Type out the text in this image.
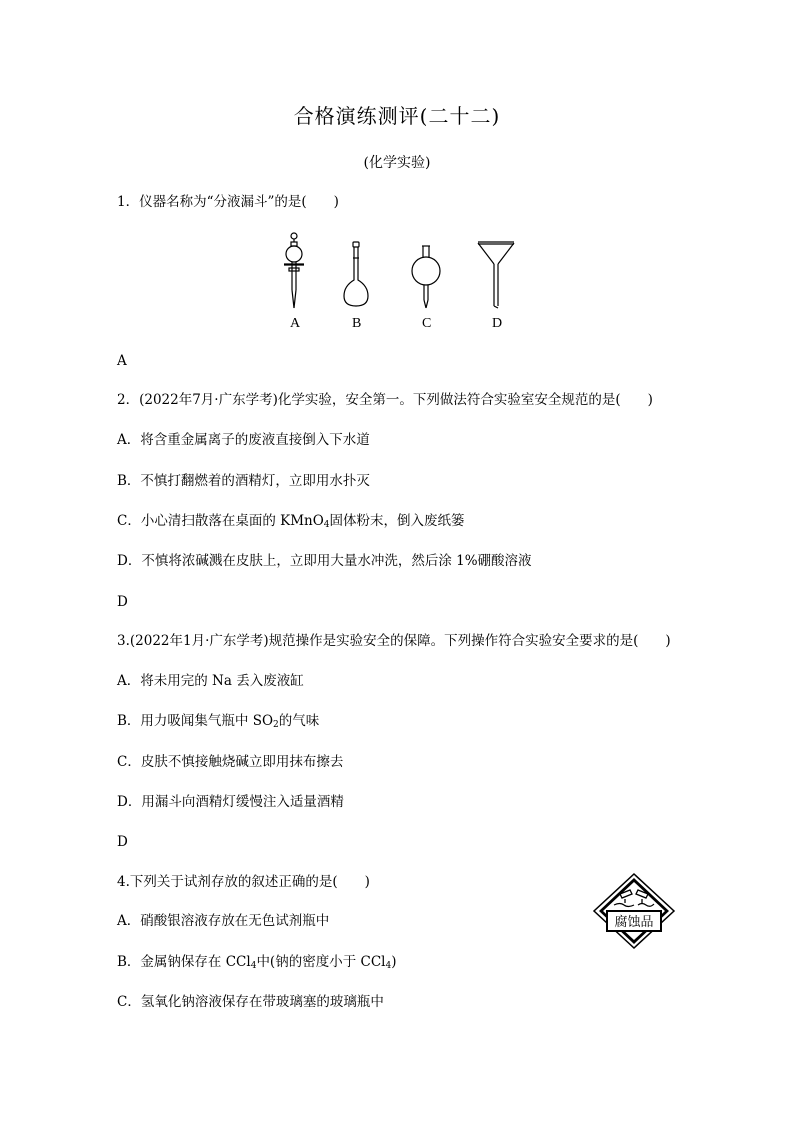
合格演练测评(二十二)
(化学实验)
1．仪器名称为“分液漏斗”的是(　　)
A	B	C	D
A
2．(2022年7月·广东学考)化学实验，安全第一。下列做法符合实验室安全规范的是(　　)
A．将含重金属离子的废液直接倒入下水道
B．不慎打翻燃着的酒精灯，立即用水扑灭
C．小心清扫散落在桌面的 KMnO$_4$固体粉末，倒入废纸篓
D．不慎将浓碱溅在皮肤上，立即用大量水冲洗，然后涂 1%硼酸溶液
D
3.(2022年1月·广东学考)规范操作是实验安全的保障。下列操作符合实验安全要求的是(　　)
A．将未用完的 Na 丢入废液缸
B．用力吸闻集气瓶中 $SO_2$的气味
C．皮肤不慎接触烧碱立即用抹布擦去
D．用漏斗向酒精灯缓慢注入适量酒精
D
4.下列关于试剂存放的叙述正确的是(　　)
A．硝酸银溶液存放在无色试剂瓶中
B．金属钠保存在 CCl$_4$中(钠的密度小于 CCl$_4$)
C．氢氧化钠溶液保存在带玻璃塞的玻璃瓶中
腐蚀品
